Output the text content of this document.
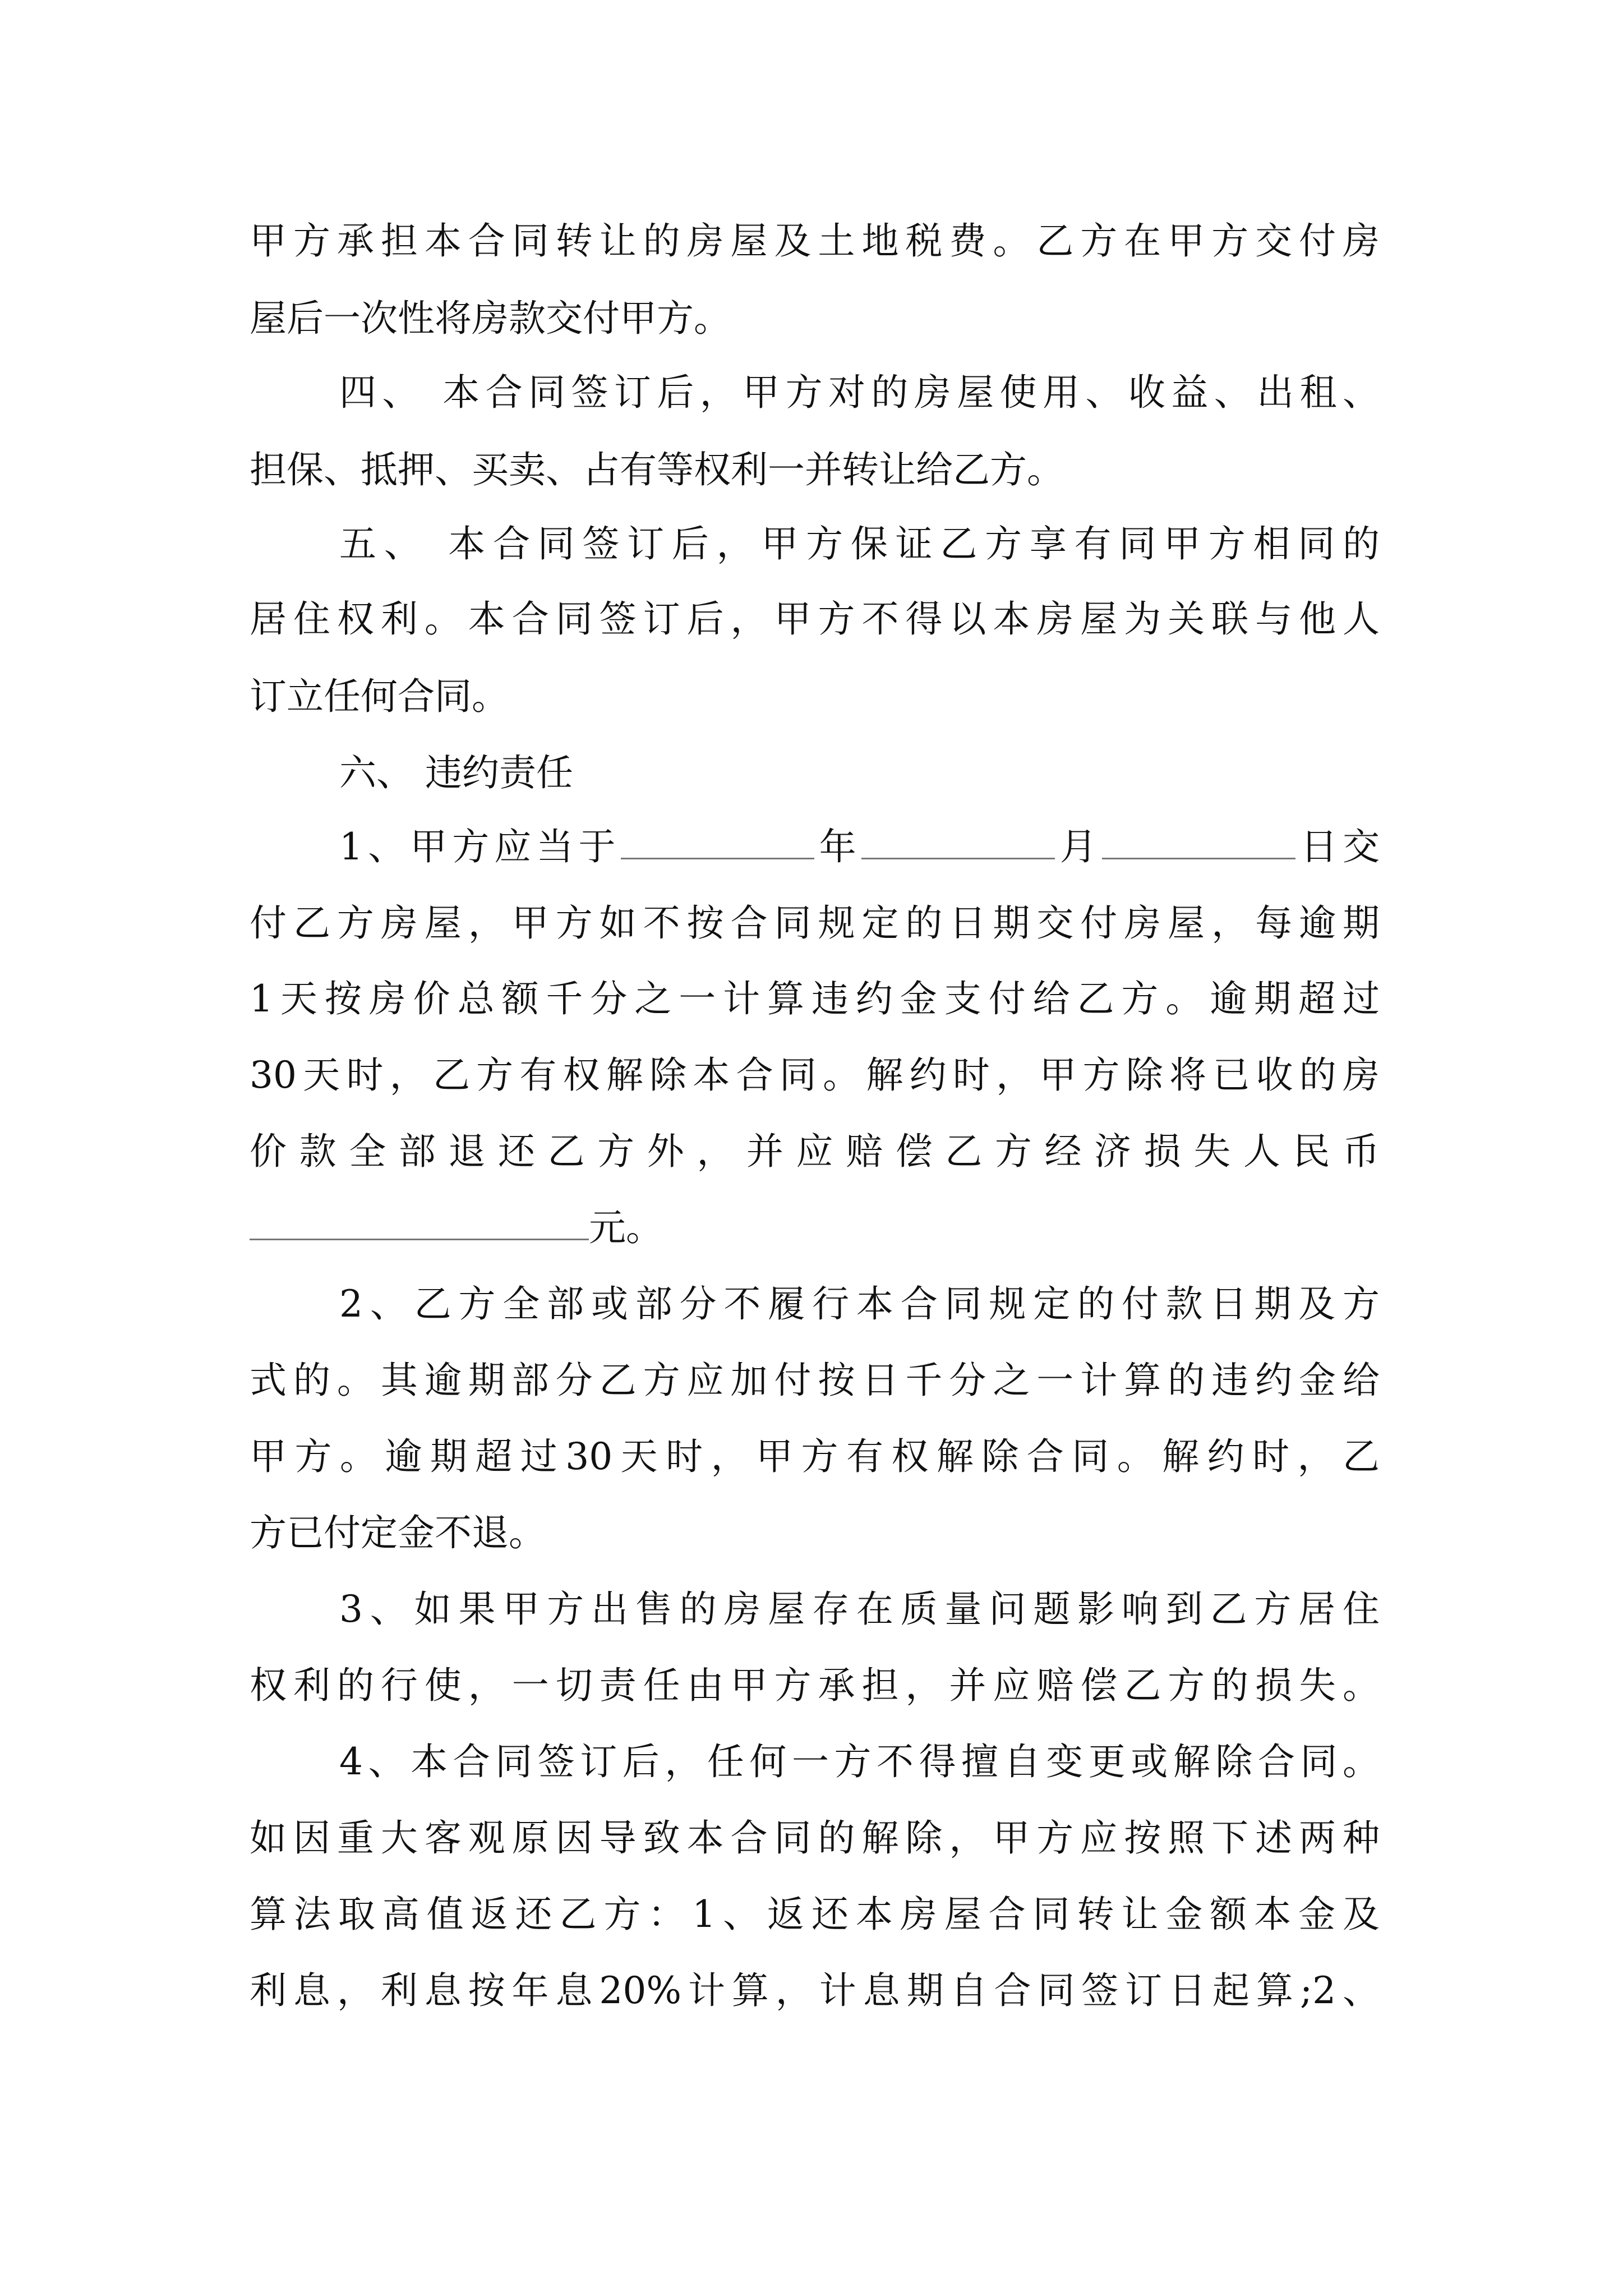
甲方承担本合同转让的房屋及土地税费。乙方在甲方交付房
屋后一次性将房款交付甲方。
四、 本合同签订后，甲方对的房屋使用、收益、出租、
担保、抵押、买卖、占有等权利一并转让给乙方。
五、 本合同签订后，甲方保证乙方享有同甲方相同的
居住权利。本合同签订后，甲方不得以本房屋为关联与他人
订立任何合同。
六、 违约责任
1、甲方应当于	年	月	日交
付乙方房屋，甲方如不按合同规定的日期交付房屋，每逾期
1天按房价总额千分之一计算违约金支付给乙方。逾期超过
30天时，乙方有权解除本合同。解约时，甲方除将已收的房
价款全部退还乙方外，并应赔偿乙方经济损失人民币
元。
2、乙方全部或部分不履行本合同规定的付款日期及方
式的。其逾期部分乙方应加付按日千分之一计算的违约金给
甲方。逾期超过30天时，甲方有权解除合同。解约时，乙
方已付定金不退。
3、如果甲方出售的房屋存在质量问题影响到乙方居住
权利的行使，一切责任由甲方承担，并应赔偿乙方的损失。
4、本合同签订后，任何一方不得擅自变更或解除合同。
如因重大客观原因导致本合同的解除，甲方应按照下述两种
算法取高值返还乙方：1、返还本房屋合同转让金额本金及
利息，利息按年息20%计算，计息期自合同签订日起算;2、
